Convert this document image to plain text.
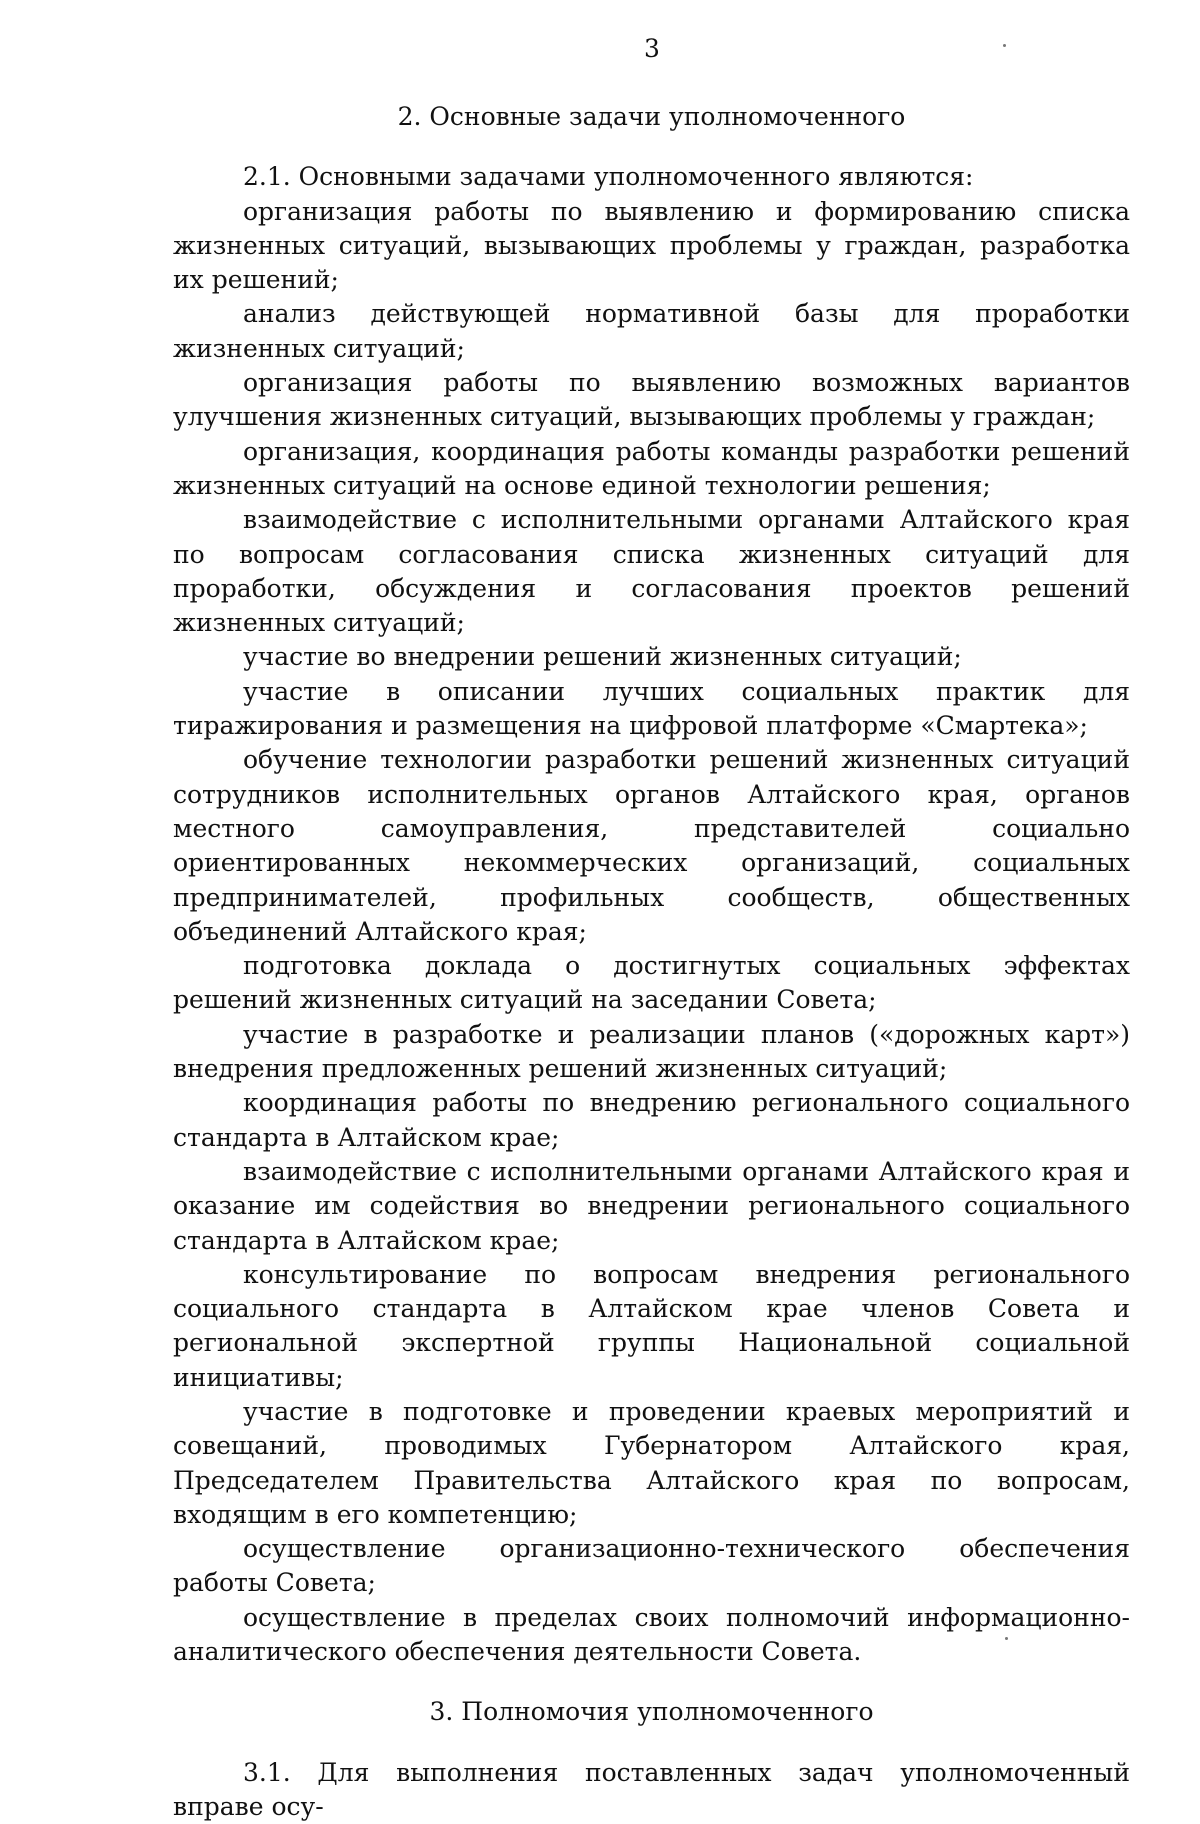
3

2. Основные задачи уполномоченного

2.1. Основными задачами уполномоченного являются:

организация работы по выявлению и формированию списка жизненных ситуаций, вызывающих проблемы у граждан, разработка их решений;

анализ действующей нормативной базы для проработки жизненных ситуаций;

организация работы по выявлению возможных вариантов улучшения жизненных ситуаций, вызывающих проблемы у граждан;

организация, координация работы команды разработки решений жизненных ситуаций на основе единой технологии решения;

взаимодействие с исполнительными органами Алтайского края по вопросам согласования списка жизненных ситуаций для проработки, обсуждения и согласования проектов решений жизненных ситуаций;

участие во внедрении решений жизненных ситуаций;

участие в описании лучших социальных практик для тиражирования и размещения на цифровой платформе «Смартека»;

обучение технологии разработки решений жизненных ситуаций сотрудников исполнительных органов Алтайского края, органов местного самоуправления, представителей социально ориентированных некоммерческих организаций, социальных предпринимателей, профильных сообществ, общественных объединений Алтайского края;

подготовка доклада о достигнутых социальных эффектах решений жизненных ситуаций на заседании Совета;

участие в разработке и реализации планов («дорожных карт») внедрения предложенных решений жизненных ситуаций;

координация работы по внедрению регионального социального стандарта в Алтайском крае;

взаимодействие с исполнительными органами Алтайского края и оказание им содействия во внедрении регионального социального стандарта в Алтайском крае;

консультирование по вопросам внедрения регионального социального стандарта в Алтайском крае членов Совета и региональной экспертной группы Национальной социальной инициативы;

участие в подготовке и проведении краевых мероприятий и совещаний, проводимых Губернатором Алтайского края, Председателем Правительства Алтайского края по вопросам, входящим в его компетенцию;

осуществление организационно-технического обеспечения работы Совета;

осуществление в пределах своих полномочий информационно-аналитического обеспечения деятельности Совета.

3. Полномочия уполномоченного

3.1. Для выполнения поставленных задач уполномоченный вправе осу-
